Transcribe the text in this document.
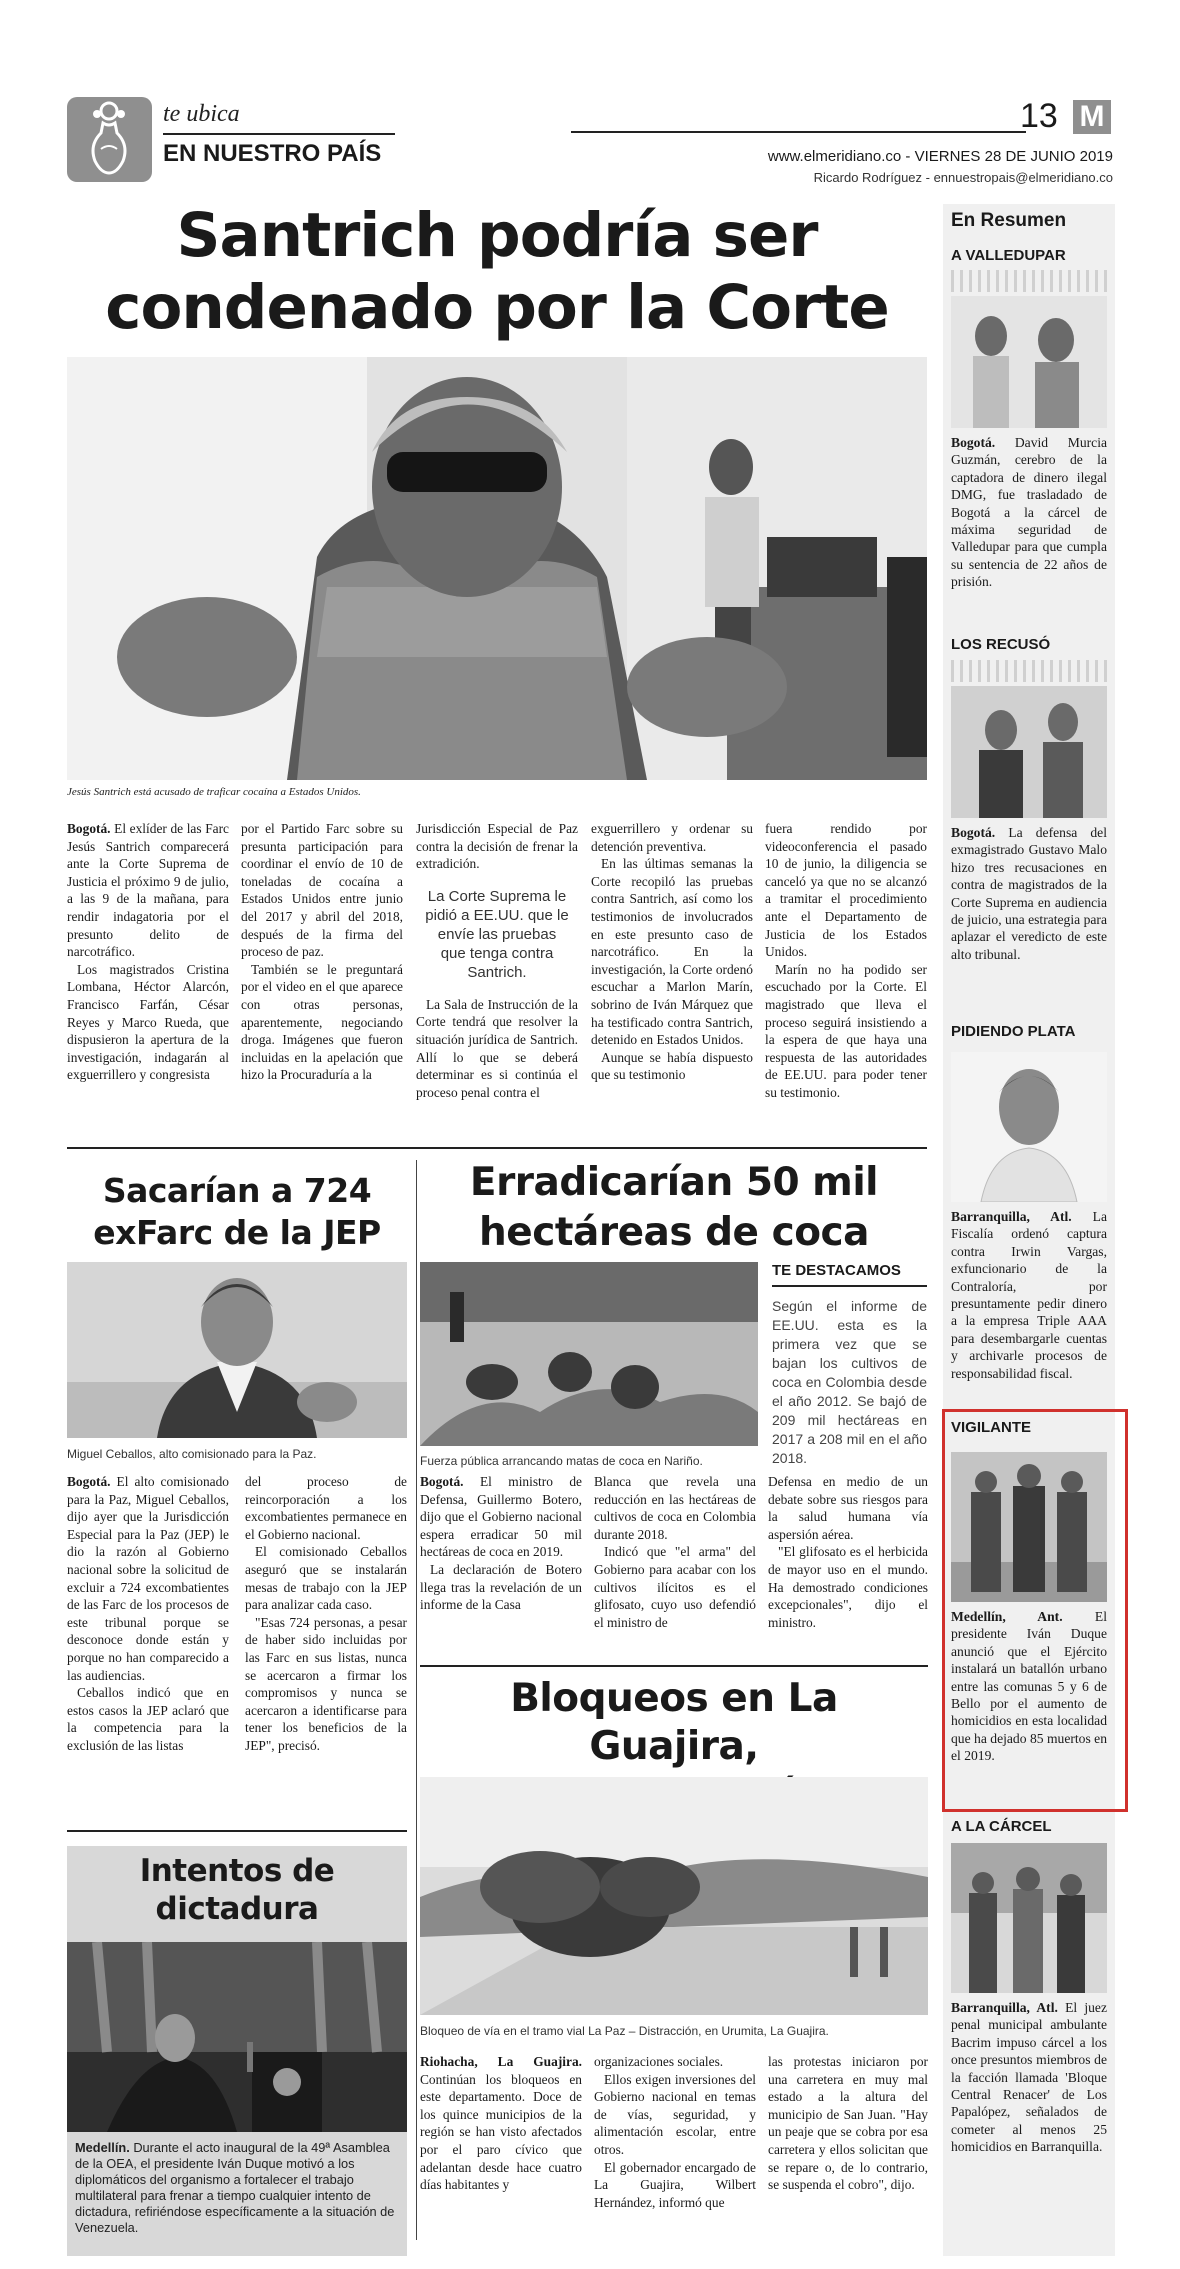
te ubica
EN NUESTRO PAÍS
13 M
www.elmeridiano.co - VIERNES 28 DE JUNIO 2019
Ricardo Rodríguez - ennuestropais@elmeridiano.co
Santrich podría ser
condenado por la Corte
Jesús Santrich está acusado de traficar cocaína a Estados Unidos.

Bogotá. El exlíder de las Farc Jesús Santrich comparecerá ante la Corte Suprema de Justicia el próximo 9 de julio, a las 9 de la mañana, para rendir indagatoria por el presunto delito de narcotráfico.

Los magistrados Cristina Lombana, Héctor Alarcón, Francisco Farfán, César Reyes y Marco Rueda, que dispusieron la apertura de la investigación, indagarán al exguerrillero y congresista

por el Partido Farc sobre su presunta participación para coordinar el envío de 10 de toneladas de cocaína a Estados Unidos entre junio del 2017 y abril del 2018, después de la firma del proceso de paz.

También se le preguntará por el video en el que aparece con otras personas, aparentemente, negociando droga. Imágenes que fueron incluidas en la apelación que hizo la Procuraduría a la

Jurisdicción Especial de Paz contra la decisión de frenar la extradición.

La Corte Suprema le pidió a EE.UU. que le envíe las pruebas que tenga contra Santrich.

La Sala de Instrucción de la Corte tendrá que resolver la situación jurídica de Santrich. Allí lo que se deberá determinar es si continúa el proceso penal contra el

exguerrillero y ordenar su detención preventiva.

En las últimas semanas la Corte recopiló las pruebas contra Santrich, así como los testimonios de involucrados en este presunto caso de narcotráfico. En la investigación, la Corte ordenó escuchar a Marlon Marín, sobrino de Iván Márquez que ha testificado contra Santrich, detenido en Estados Unidos.

Aunque se había dispuesto que su testimonio

fuera rendido por videoconferencia el pasado 10 de junio, la diligencia se canceló ya que no se alcanzó a tramitar el procedimiento ante el Departamento de Justicia de los Estados Unidos.

Marín no ha podido ser escuchado por la Corte. El magistrado que lleva el proceso seguirá insistiendo a la espera de que haya una respuesta de las autoridades de EE.UU. para poder tener su testimonio.

Sacarían a 724
exFarc de la JEP
Miguel Ceballos, alto comisionado para la Paz.

Bogotá. El alto comisionado para la Paz, Miguel Ceballos, dijo ayer que la Jurisdicción Especial para la Paz (JEP) le dio la razón al Gobierno nacional sobre la solicitud de excluir a 724 excombatientes de las Farc de los procesos de este tribunal porque se desconoce donde están y porque no han comparecido a las audiencias.

Ceballos indicó que en estos casos la JEP aclaró que la competencia para la exclusión de las listas

del proceso de reincorporación a los excombatientes permanece en el Gobierno nacional.

El comisionado Ceballos aseguró que se instalarán mesas de trabajo con la JEP para analizar cada caso.

"Esas 724 personas, a pesar de haber sido incluidas por las Farc en sus listas, nunca se acercaron a firmar los compromisos y nunca se acercaron a identificarse para tener los beneficios de la JEP", precisó.

Erradicarían 50 mil
hectáreas de coca
Fuerza pública arrancando matas de coca en Nariño.
TE DESTACAMOS
Según el informe de EE.UU. esta es la primera vez que se bajan los cultivos de coca en Colombia desde el año 2012. Se bajó de 209 mil hectáreas en 2017 a 208 mil en el año 2018.

Bogotá. El ministro de Defensa, Guillermo Botero, dijo que el Gobierno nacional espera erradicar 50 mil hectáreas de coca en 2019.

La declaración de Botero llega tras la revelación de un informe de la Casa

Blanca que revela una reducción en las hectáreas de cultivos de coca en Colombia durante 2018.

Indicó que "el arma" del Gobierno para acabar con los cultivos ilícitos es el glifosato, cuyo uso defendió el ministro de

Defensa en medio de un debate sobre sus riesgos para la salud humana vía aspersión aérea.

"El glifosato es el herbicida de mayor uso en el mundo. Ha demostrado condiciones excepcionales", dijo el ministro.

Bloqueos en La Guajira,

Bloqueo de vía en el tramo vial La Paz – Distracción, en Urumita, La Guajira.

Riohacha, La Guajira. Continúan los bloqueos en este departamento. Doce de los quince municipios de la región se han visto afectados por el paro cívico que adelantan desde hace cuatro días habitantes y

organizaciones sociales.

Ellos exigen inversiones del Gobierno nacional en temas de vías, seguridad, y alimentación escolar, entre otros.

El gobernador encargado de La Guajira, Wilbert Hernández, informó que

las protestas iniciaron por una carretera en muy mal estado a la altura del municipio de San Juan. "Hay un peaje que se cobra por esa carretera y ellos solicitan que se repare o, de lo contrario, se suspenda el cobro", dijo.

Intentos de
dictadura
Medellín. Durante el acto inaugural de la 49ª Asamblea de la OEA, el presidente Iván Duque motivó a los diplomáticos del organismo a fortalecer el trabajo multilateral para frenar a tiempo cualquier intento de dictadura, refiriéndose específicamente a la situación de Venezuela.
En Resumen
A VALLEDUPAR
Bogotá. David Murcia Guzmán, cerebro de la captadora de dinero ilegal DMG, fue trasladado de Bogotá a la cárcel de máxima seguridad de Valledupar para que cumpla su sentencia de 22 años de prisión.
LOS RECUSÓ
Bogotá. La defensa del exmagistrado Gustavo Malo hizo tres recusaciones en contra de magistrados de la Corte Suprema en audiencia de juicio, una estrategia para aplazar el veredicto de este alto tribunal.
PIDIENDO PLATA
Barranquilla, Atl. La Fiscalía ordenó captura contra Irwin Vargas, exfuncionario de la Contraloría, por presuntamente pedir dinero a la empresa Triple AAA para desembargarle cuentas y archivarle procesos de responsabilidad fiscal.
VIGILANTE
Medellín, Ant. El presidente Iván Duque anunció que el Ejército instalará un batallón urbano entre las comunas 5 y 6 de Bello por el aumento de homicidios en esta localidad que ha dejado 85 muertos en el 2019.
A LA CÁRCEL
Barranquilla, Atl. El juez penal municipal ambulante Bacrim impuso cárcel a los once presuntos miembros de la facción llamada 'Bloque Central Renacer' de Los Papalópez, señalados de cometer al menos 25 homicidios en Barranquilla.
